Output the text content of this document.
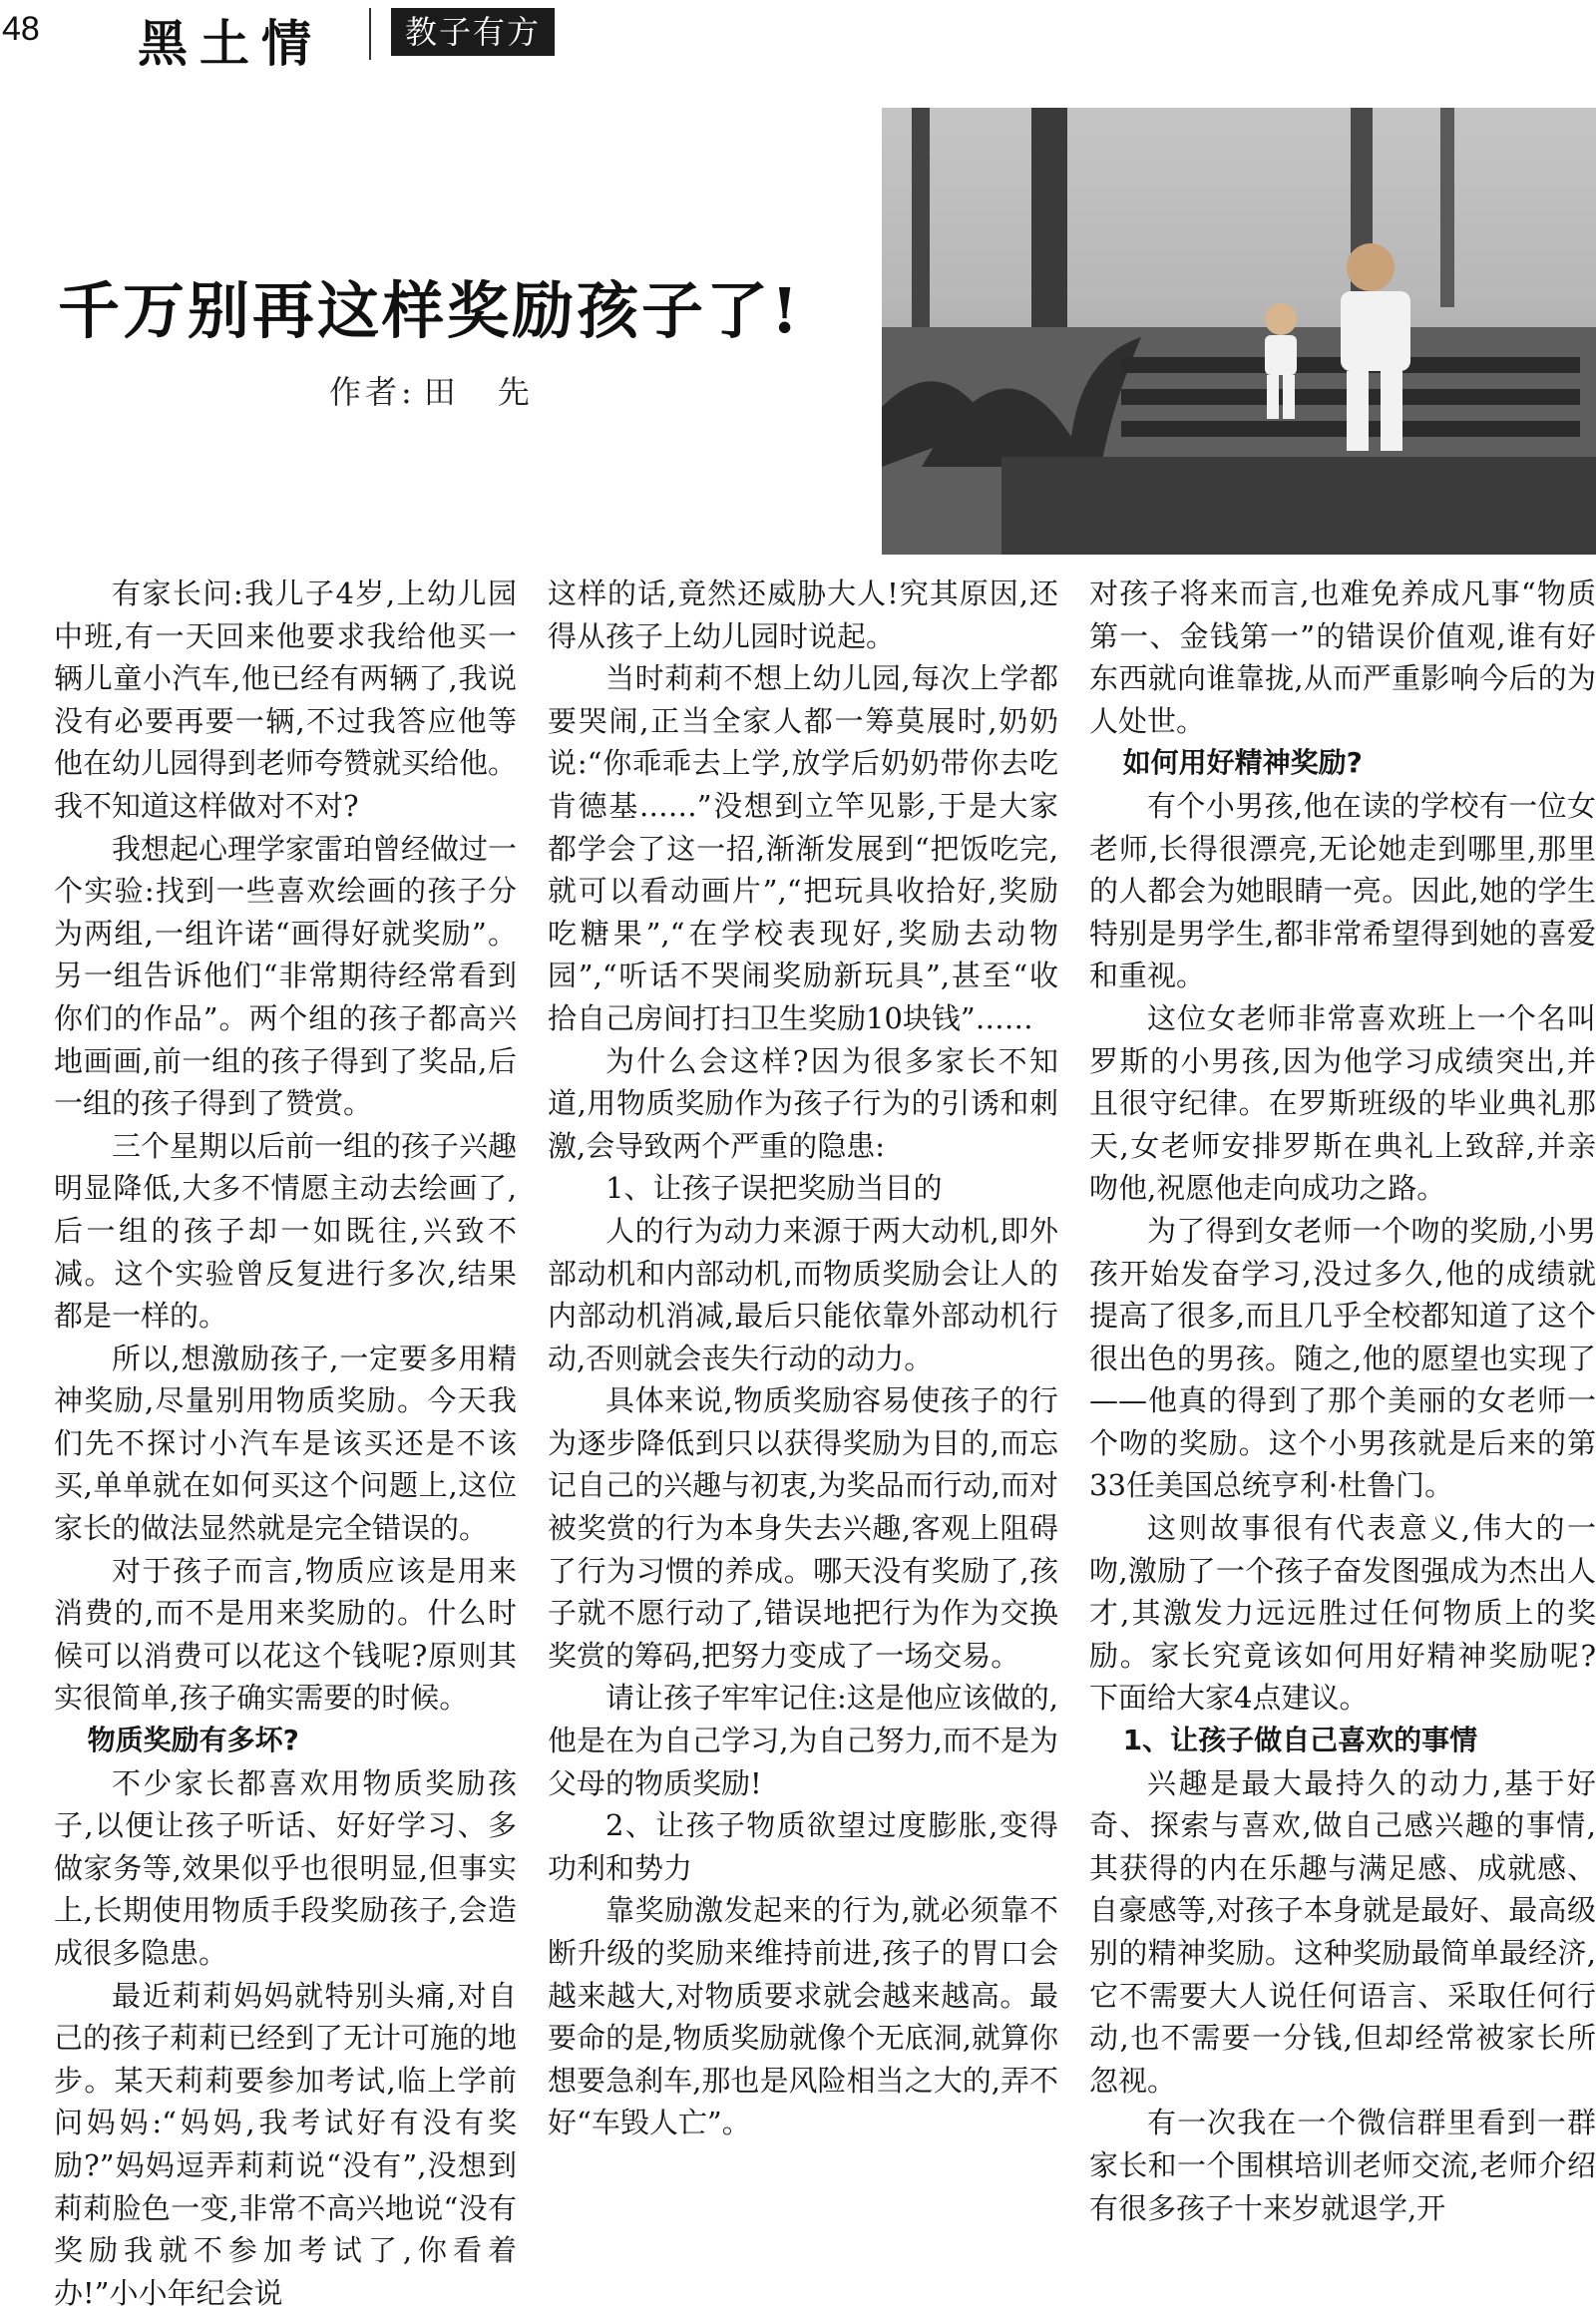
48 黑土情	教子有方
千万别再这样奖励孩子了!
作者: 田先

有家长问:我儿子4岁,上幼儿园中班,有一天回来他要求我给他买一辆儿童小汽车,他已经有两辆了,我说没有必要再要一辆,不过我答应他等他在幼儿园得到老师夸赞就买给他。我不知道这样做对不对?

我想起心理学家雷珀曾经做过一个实验:找到一些喜欢绘画的孩子分为两组,一组许诺“画得好就奖励”。另一组告诉他们“非常期待经常看到你们的作品”。两个组的孩子都高兴地画画,前一组的孩子得到了奖品,后一组的孩子得到了赞赏。

三个星期以后前一组的孩子兴趣明显降低,大多不情愿主动去绘画了,后一组的孩子却一如既往,兴致不减。这个实验曾反复进行多次,结果都是一样的。

所以,想激励孩子,一定要多用精神奖励,尽量别用物质奖励。今天我们先不探讨小汽车是该买还是不该买,单单就在如何买这个问题上,这位家长的做法显然就是完全错误的。

对于孩子而言,物质应该是用来消费的,而不是用来奖励的。什么时候可以消费可以花这个钱呢?原则其实很简单,孩子确实需要的时候。

物质奖励有多坏?

不少家长都喜欢用物质奖励孩子,以便让孩子听话、好好学习、多做家务等,效果似乎也很明显,但事实上,长期使用物质手段奖励孩子,会造成很多隐患。

最近莉莉妈妈就特别头痛,对自己的孩子莉莉已经到了无计可施的地步。某天莉莉要参加考试,临上学前问妈妈:“妈妈,我考试好有没有奖励?”妈妈逗弄莉莉说“没有”,没想到莉莉脸色一变,非常不高兴地说“没有奖励我就不参加考试了,你看着办!”小小年纪会说

这样的话,竟然还威胁大人!究其原因,还得从孩子上幼儿园时说起。

当时莉莉不想上幼儿园,每次上学都要哭闹,正当全家人都一筹莫展时,奶奶说:“你乖乖去上学,放学后奶奶带你去吃肯德基……”没想到立竿见影,于是大家都学会了这一招,渐渐发展到“把饭吃完,就可以看动画片”,“把玩具收拾好,奖励吃糖果”,“在学校表现好,奖励去动物园”,“听话不哭闹奖励新玩具”,甚至“收拾自己房间打扫卫生奖励10块钱”……

为什么会这样?因为很多家长不知道,用物质奖励作为孩子行为的引诱和刺激,会导致两个严重的隐患:

1、让孩子误把奖励当目的

人的行为动力来源于两大动机,即外部动机和内部动机,而物质奖励会让人的内部动机消减,最后只能依靠外部动机行动,否则就会丧失行动的动力。

具体来说,物质奖励容易使孩子的行为逐步降低到只以获得奖励为目的,而忘记自己的兴趣与初衷,为奖品而行动,而对被奖赏的行为本身失去兴趣,客观上阻碍了行为习惯的养成。哪天没有奖励了,孩子就不愿行动了,错误地把行为作为交换奖赏的筹码,把努力变成了一场交易。

请让孩子牢牢记住:这是他应该做的,他是在为自己学习,为自己努力,而不是为父母的物质奖励!

2、让孩子物质欲望过度膨胀,变得功利和势力

靠奖励激发起来的行为,就必须靠不断升级的奖励来维持前进,孩子的胃口会越来越大,对物质要求就会越来越高。最要命的是,物质奖励就像个无底洞,就算你想要急刹车,那也是风险相当之大的,弄不好“车毁人亡”。

对孩子将来而言,也难免养成凡事“物质第一、金钱第一”的错误价值观,谁有好东西就向谁靠拢,从而严重影响今后的为人处世。

如何用好精神奖励?

有个小男孩,他在读的学校有一位女老师,长得很漂亮,无论她走到哪里,那里的人都会为她眼睛一亮。因此,她的学生特别是男学生,都非常希望得到她的喜爱和重视。

这位女老师非常喜欢班上一个名叫罗斯的小男孩,因为他学习成绩突出,并且很守纪律。在罗斯班级的毕业典礼那天,女老师安排罗斯在典礼上致辞,并亲吻他,祝愿他走向成功之路。

为了得到女老师一个吻的奖励,小男孩开始发奋学习,没过多久,他的成绩就提高了很多,而且几乎全校都知道了这个很出色的男孩。随之,他的愿望也实现了——他真的得到了那个美丽的女老师一个吻的奖励。这个小男孩就是后来的第33任美国总统亨利·杜鲁门。

这则故事很有代表意义,伟大的一吻,激励了一个孩子奋发图强成为杰出人才,其激发力远远胜过任何物质上的奖励。家长究竟该如何用好精神奖励呢?下面给大家4点建议。

1、让孩子做自己喜欢的事情

兴趣是最大最持久的动力,基于好奇、探索与喜欢,做自己感兴趣的事情,其获得的内在乐趣与满足感、成就感、自豪感等,对孩子本身就是最好、最高级别的精神奖励。这种奖励最简单最经济,它不需要大人说任何语言、采取任何行动,也不需要一分钱,但却经常被家长所忽视。

有一次我在一个微信群里看到一群家长和一个围棋培训老师交流,老师介绍有很多孩子十来岁就退学,开
